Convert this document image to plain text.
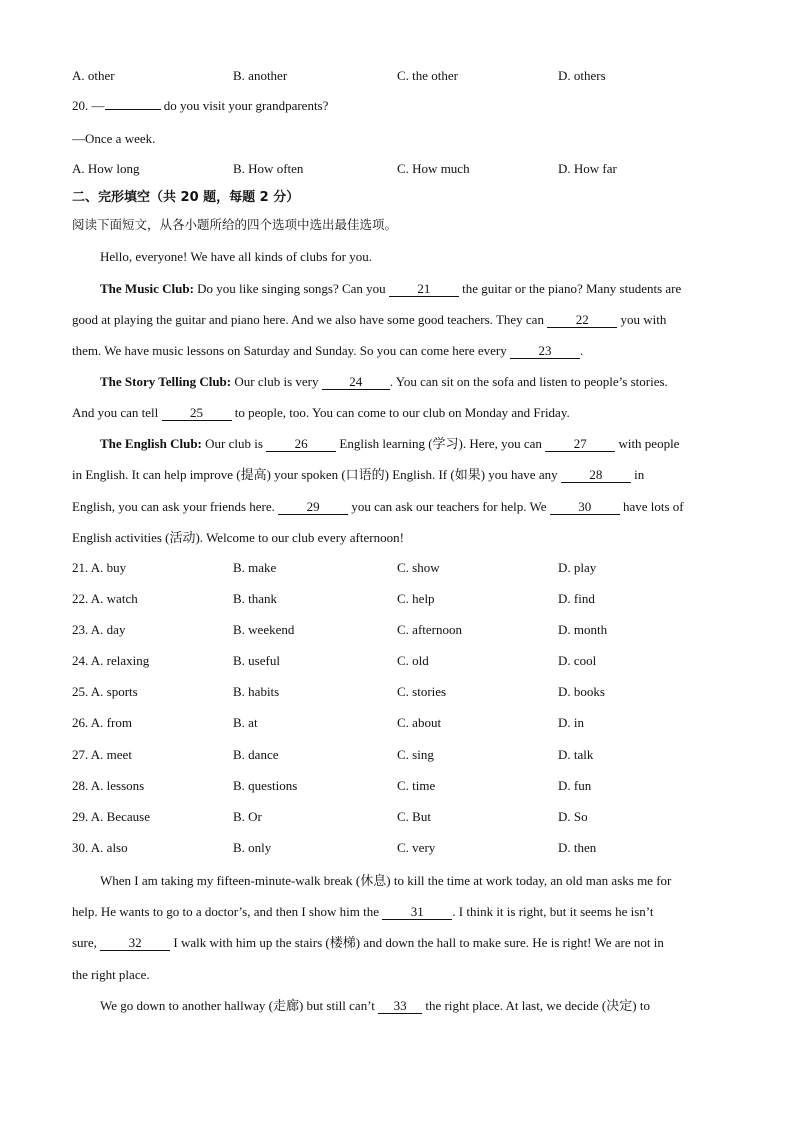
A. other	B. another	C. the other	D. others
20. —	do you visit your grandparents?
—Once a week.
A. How long	B. How often	C. How much	D. How far
二、完形填空（共 20 题，每题 2 分）
阅读下面短文，从各小题所给的四个选项中选出最佳选项。
Hello, everyone! We have all kinds of clubs for you.
The Music Club: Do you like singing songs? Can you 21 the guitar or the piano? Many students are
good at playing the guitar and piano here. And we also have some good teachers. They can 22 you with
them. We have music lessons on Saturday and Sunday. So you can come here every 23 .
The Story Telling Club: Our club is very 24 . You can sit on the sofa and listen to people’s stories.
And you can tell 25 to people, too. You can come to our club on Monday and Friday.
The English Club: Our club is 26 English learning (学习). Here, you can 27 with people
in English. It can help improve (提高) your spoken (口语的) English. If (如果) you have any 28 in
English, you can ask your friends here. 29 you can ask our teachers for help. We 30 have lots of
English activities (活动). Welcome to our club every afternoon!
21. A. buy	B. make	C. show	D. play
22. A. watch	B. thank	C. help	D. find
23. A. day	B. weekend	C. afternoon	D. month
24. A. relaxing	B. useful	C. old	D. cool
25. A. sports	B. habits	C. stories	D. books
26. A. from	B. at	C. about	D. in
27. A. meet	B. dance	C. sing	D. talk
28. A. lessons	B. questions	C. time	D. fun
29. A. Because	B. Or	C. But	D. So
30. A. also	B. only	C. very	D. then
When I am taking my fifteen-minute-walk break (休息) to kill the time at work today, an old man asks me for
help. He wants to go to a doctor’s, and then I show him the 31 . I think it is right, but it seems he isn’t
sure, 32 I walk with him up the stairs (楼梯) and down the hall to make sure. He is right! We are not in
the right place.
We go down to another hallway (走廊) but still can’t 33 the right place. At last, we decide (决定) to
